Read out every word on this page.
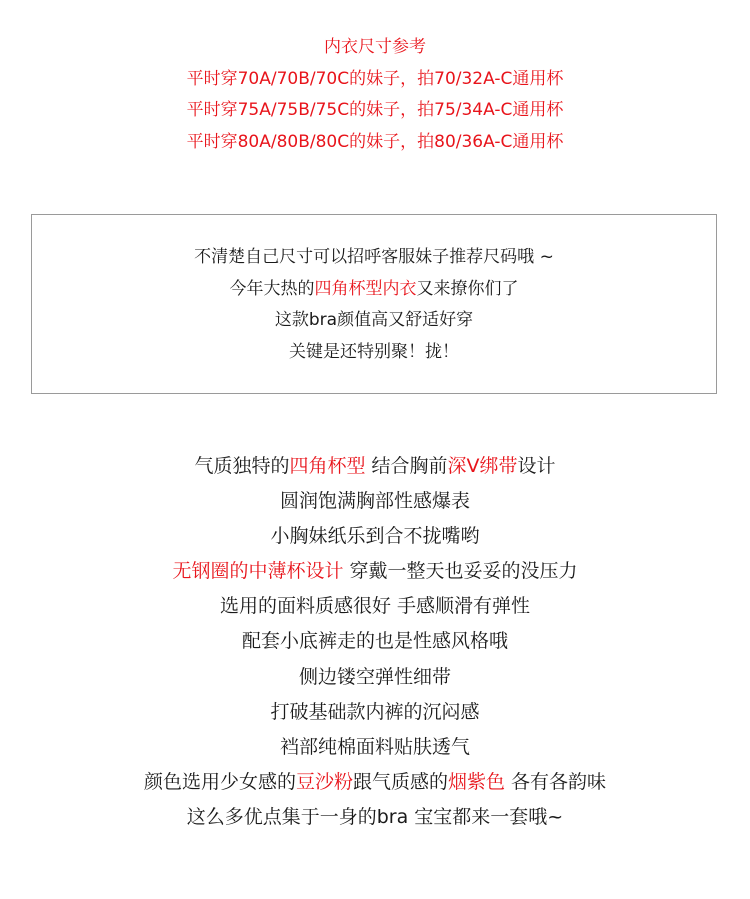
内衣尺寸参考
平时穿70A/70B/70C的妹子，拍70/32A-C通用杯
平时穿75A/75B/75C的妹子，拍75/34A-C通用杯
平时穿80A/80B/80C的妹子，拍80/36A-C通用杯
不清楚自己尺寸可以招呼客服妹子推荐尺码哦 ~
今年大热的四角杯型内衣又来撩你们了
这款bra颜值高又舒适好穿
关键是还特别聚！拢！
气质独特的四角杯型 结合胸前深V绑带设计
圆润饱满胸部性感爆表
小胸妹纸乐到合不拢嘴哟
无钢圈的中薄杯设计 穿戴一整天也妥妥的没压力
选用的面料质感很好 手感顺滑有弹性
配套小底裤走的也是性感风格哦
侧边镂空弹性细带
打破基础款内裤的沉闷感
裆部纯棉面料贴肤透气
颜色选用少女感的豆沙粉跟气质感的烟紫色 各有各韵味
这么多优点集于一身的bra 宝宝都来一套哦~
